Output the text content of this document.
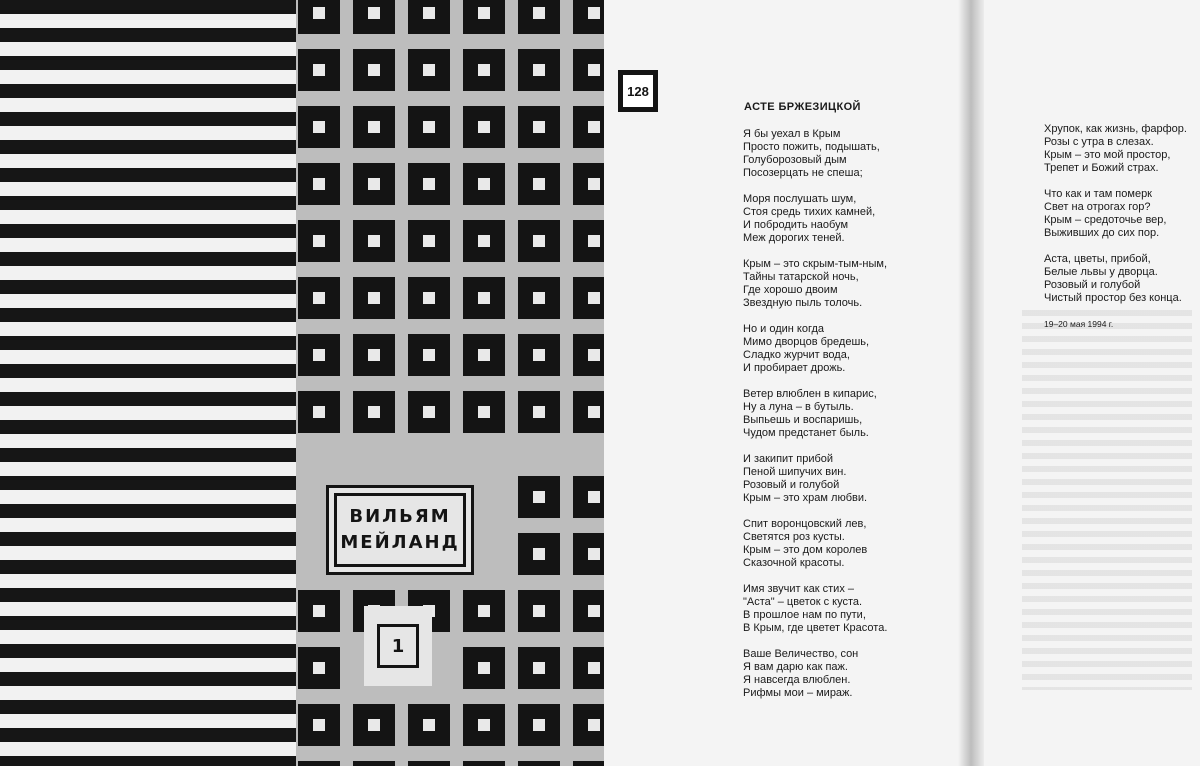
ВИЛЬЯМ
МЕЙЛАНД
1
128
АСТЕ БРЖЕЗИЦКОЙ
Я бы уехал в Крым
Просто пожить, подышать,
Голуборозовый дым
Посозерцать не спеша;
Моря послушать шум,
Стоя средь тихих камней,
И побродить наобум
Меж дорогих теней.
Крым – это скрым-тым-ным,
Тайны татарской ночь,
Где хорошо двоим
Звездную пыль толочь.
Но и один когда
Мимо дворцов бредешь,
Сладко журчит вода,
И пробирает дрожь.
Ветер влюблен в кипарис,
Ну а луна – в бутыль.
Выпьешь и воспаришь,
Чудом предстанет быль.
И закипит прибой
Пеной шипучих вин.
Розовый и голубой
Крым – это храм любви.
Спит воронцовский лев,
Светятся роз кусты.
Крым – это дом королев
Сказочной красоты.
Имя звучит как стих –
"Аста" – цветок с куста.
В прошлое нам по пути,
В Крым, где цветет Красота.
Ваше Величество, сон
Я вам дарю как паж.
Я навсегда влюблен.
Рифмы мои – мираж.
Хрупок, как жизнь, фарфор.
Розы с утра в слезах.
Крым – это мой простор,
Трепет и Божий страх.
Что как и там померк
Свет на отрогах гор?
Крым – средоточье вер,
Выживших до сих пор.
Аста, цветы, прибой,
Белые львы у дворца.
Розовый и голубой
Чистый простор без конца.
19–20 мая 1994 г.
